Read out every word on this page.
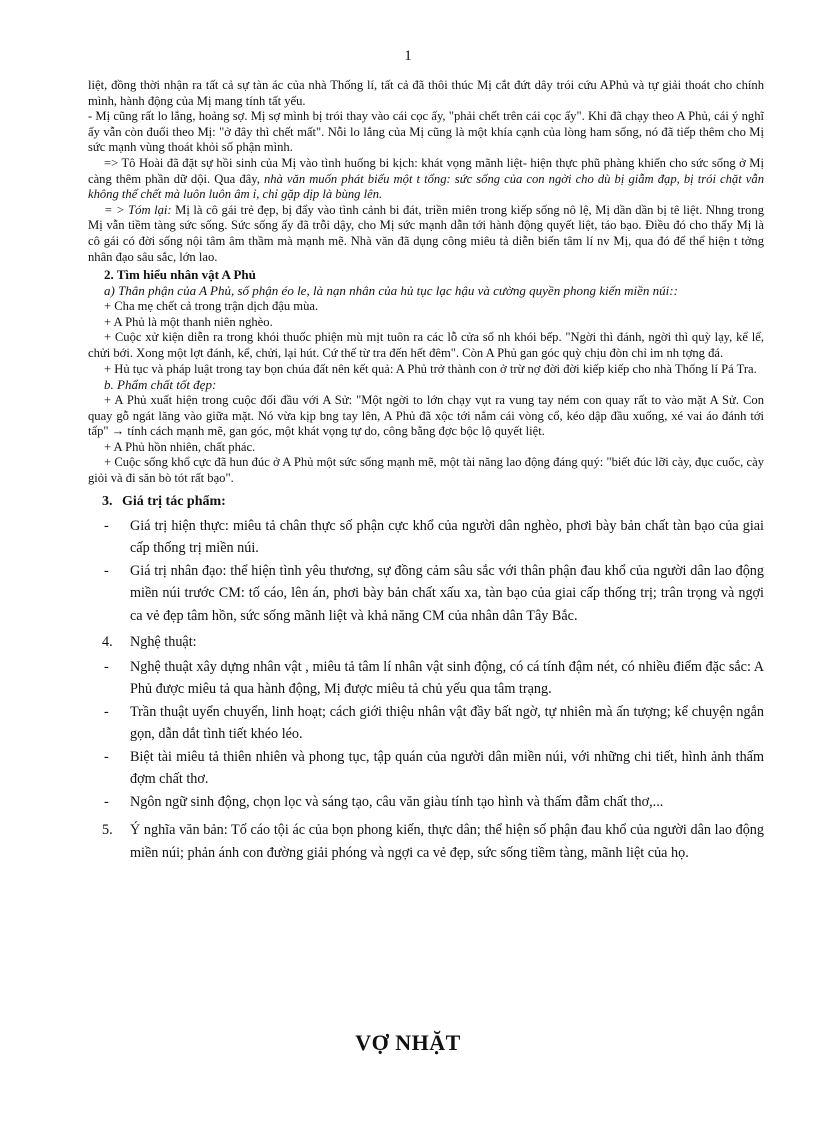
1

liệt, đồng thời nhận ra tất cả sự tàn ác của nhà Thống lí, tất cả đã thôi thúc Mị cắt đứt dây trói cứu APhủ và tự giải thoát cho chính mình, hành động của Mị mang tính tất yếu.

- Mị cũng rất lo lắng, hoảng sợ. Mị sợ mình bị trói thay vào cái cọc ấy, "phải chết trên cái cọc ấy". Khi đã chạy theo A Phủ, cái ý nghĩ ấy vẫn còn đuổi theo Mị: "ở đây thì chết mất". Nỗi lo lắng của Mị cũng là một khía cạnh của lòng ham sống, nó đã tiếp thêm cho Mị sức mạnh vùng thoát khỏi số phận mình.

=> Tô Hoài đã đặt sự hồi sinh của Mị vào tình huống bi kịch: khát vọng mãnh liệt- hiện thực phũ phàng khiến cho sức sống ở Mị càng thêm phần dữ dội. Qua đây, nhà văn muốn phát biểu một t tổng: sức sống của con ngời cho dù bị giẫm đạp, bị trói chặt vẫn không thể chết mà luôn luôn âm ỉ, chỉ gặp dịp là bùng lên.

= > Tóm lại: Mị là cô gái trẻ đẹp, bị đẩy vào tình cảnh bi đát, triền miên trong kiếp sống nô lệ, Mị dần dần bị tê liệt. Nhng trong Mị vẫn tiềm tàng sức sống. Sức sống ấy đã trỗi dậy, cho Mị sức mạnh dẫn tới hành động quyết liệt, táo bạo. Điều đó cho thấy Mị là cô gái có đời sống nội tâm âm thầm mà mạnh mẽ. Nhà văn đã dụng công miêu tả diễn biến tâm lí nv Mị, qua đó để thể hiện t tởng nhân đạo sâu sắc, lớn lao.

2. Tìm hiểu nhân vật A Phủ
a) Thân phận của A Phủ, số phận éo le, là nạn nhân của hủ tục lạc hậu và cường quyền phong kiến miền núi::

+ Cha mẹ chết cả trong trận dịch đậu mùa.

+ A Phủ là một thanh niên nghèo.

+ Cuộc xử kiện diễn ra trong khói thuốc phiện mù mịt tuôn ra các lỗ cửa sổ nh khói bếp. "Ngời thì đánh, ngời thì quỳ lạy, kể lể, chửi bới. Xong một lợt đánh, kể, chửi, lại hút. Cứ thế từ tra đến hết đêm". Còn A Phủ gan góc quỳ chịu đòn chỉ im nh tợng đá.

+ Hủ tục và pháp luật trong tay bọn chúa đất nên kết quả: A Phủ trở thành con ở trừ nợ đời đời kiếp kiếp cho nhà Thống lí Pá Tra.

b. Phẩm chất tốt đẹp:

+ A Phủ xuất hiện trong cuộc đối đầu với A Sử: "Một ngời to lớn chạy vụt ra vung tay ném con quay rất to vào mặt A Sử. Con quay gỗ ngát lăng vào giữa mặt. Nó vừa kịp bng tay lên, A Phủ đã xộc tới nắm cái vòng cổ, kéo dập đầu xuống, xé vai áo đánh tới tấp" → tính cách mạnh mẽ, gan góc, một khát vọng tự do, công bằng đợc bộc lộ quyết liệt.

+ A Phủ hồn nhiên, chất phác.

+ Cuộc sống khổ cực đã hun đúc ở A Phủ một sức sống mạnh mẽ, một tài năng lao động đáng quý: "biết đúc lỡi cày, đục cuốc, cày giỏi và đi săn bò tót rất bạo".

3. Giá trị tác phẩm:

- Giá trị hiện thực: miêu tả chân thực số phận cực khổ của người dân nghèo, phơi bày bản chất tàn bạo của giai cấp thống trị miền núi.

- Giá trị nhân đạo: thể hiện tình yêu thương, sự đồng cảm sâu sắc với thân phận đau khổ của người dân lao động miền núi trước CM: tố cáo, lên án, phơi bày bản chất xấu xa, tàn bạo của giai cấp thống trị; trân trọng và ngợi ca vẻ đẹp tâm hồn, sức sống mãnh liệt và khả năng CM của nhân dân Tây Bắc.

4. Nghệ thuật:

- Nghệ thuật xây dựng nhân vật , miêu tả tâm lí nhân vật sinh động, có cá tính đậm nét, có nhiều điểm đặc sắc: A Phủ được miêu tả qua hành động, Mị được miêu tả chủ yếu qua tâm trạng.

- Trần thuật uyển chuyển, linh hoạt; cách giới thiệu nhân vật đầy bất ngờ, tự nhiên mà ấn tượng; kể chuyện ngắn gọn, dẫn dắt tình tiết khéo léo.

- Biệt tài miêu tả thiên nhiên và phong tục, tập quán của người dân miền núi, với những chi tiết, hình ảnh thấm đợm chất thơ.

- Ngôn ngữ sinh động, chọn lọc và sáng tạo, câu văn giàu tính tạo hình và thấm đẫm chất thơ,...

5. Ý nghĩa văn bản: Tố cáo tội ác của bọn phong kiến, thực dân; thể hiện số phận đau khổ của người dân lao động miền núi; phản ánh con đường giải phóng và ngợi ca vẻ đẹp, sức sống tiềm tàng, mãnh liệt của họ.

VỢ NHẶT
